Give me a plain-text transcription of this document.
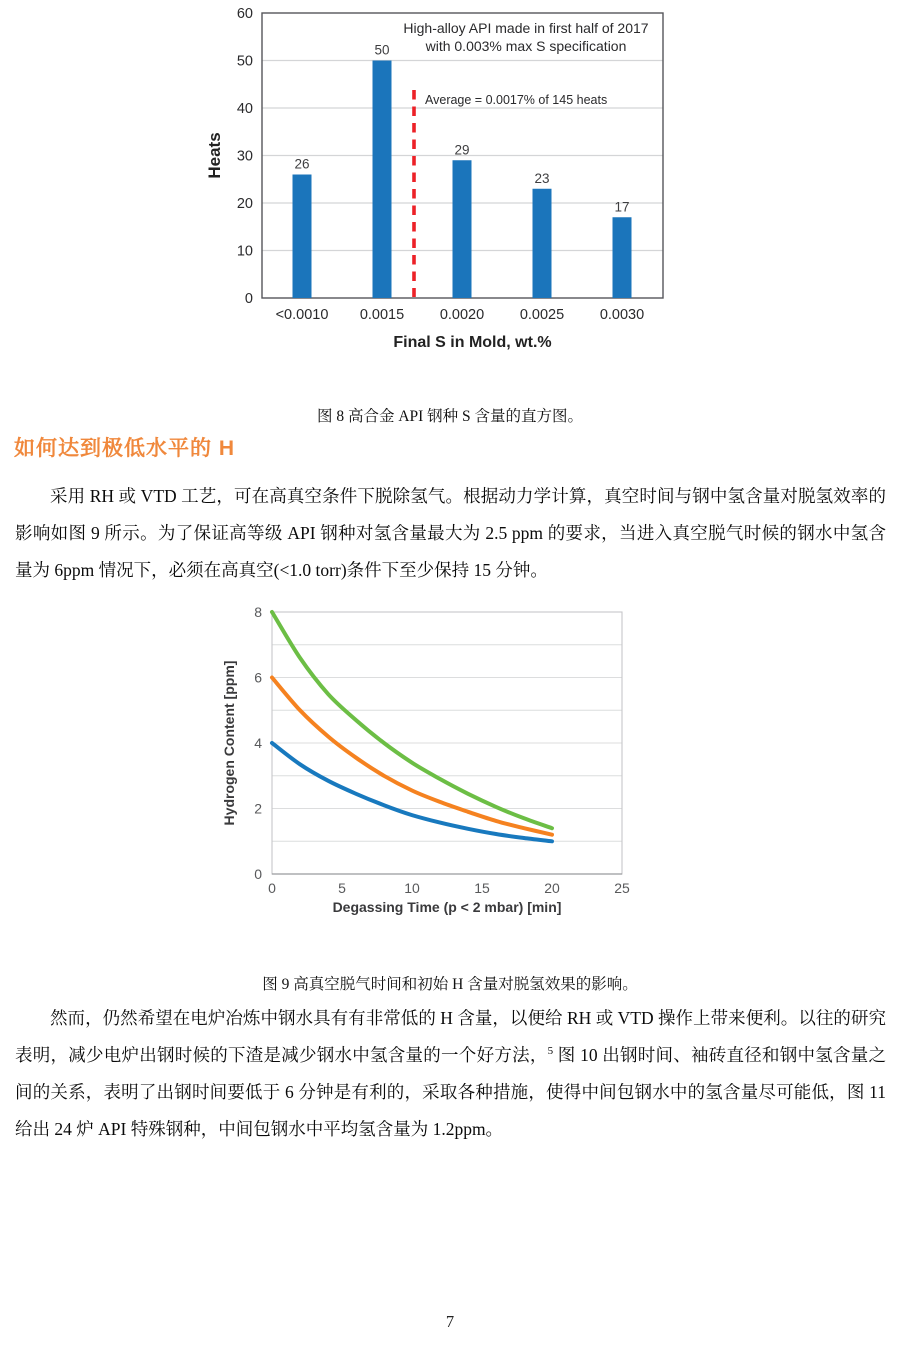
0
10
20
30
40
50
60
26
<0.0010
50
0.0015
29
0.0020
23
0.0025
17
0.0030
Average = 0.0017% of 145 heats
High-alloy API made in first half of 2017
with 0.003% max S specification
Final S in Mold, wt.%
Heats

图 8 高合金 API 钢种 S 含量的直方图。

如何达到极低水平的 H

采用 RH 或 VTD 工艺，可在高真空条件下脱除氢气。根据动力学计算，真空时间与钢中氢含量对脱氢效率的影响如图 9 所示。为了保证高等级 API 钢种对氢含量最大为 2.5 ppm 的要求，当进入真空脱气时候的钢水中氢含量为 6ppm 情况下，必须在高真空(<1.0 torr)条件下至少保持 15 分钟。

0	5	10	15	20	25
0
2
4
6
8
Degassing Time (p < 2 mbar) [min]
Hydrogen Content [ppm]

图 9 高真空脱气时间和初始 H 含量对脱氢效果的影响。

然而，仍然希望在电炉冶炼中钢水具有有非常低的 H 含量，以便给 RH 或 VTD 操作上带来便利。以往的研究表明，减少电炉出钢时候的下渣是减少钢水中氢含量的一个好方法，$^5$ 图 10 出钢时间、袖砖直径和钢中氢含量之间的关系，表明了出钢时间要低于 6 分钟是有利的，采取各种措施，使得中间包钢水中的氢含量尽可能低，图 11 给出 24 炉 API 特殊钢种，中间包钢水中平均氢含量为 1.2ppm。

7
